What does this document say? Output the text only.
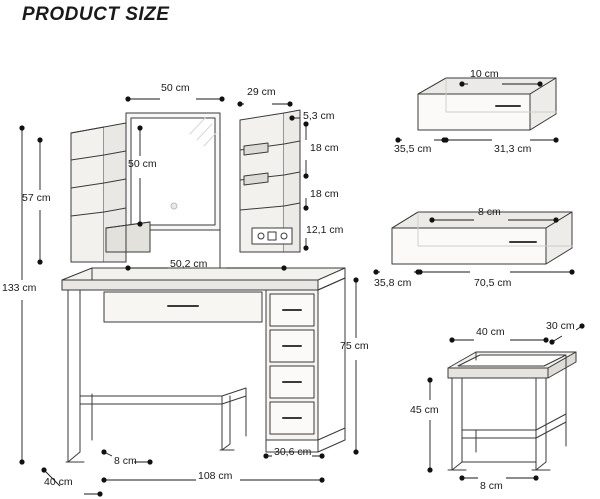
PRODUCT SIZE
50 cm	29 cm
5,3 cm
18 cm
18 cm
12,1 cm
50 cm
57 cm
133 cm
50,2 cm
75 cm
8 cm
30,6 cm
108 cm
40 cm
10 cm
35,5 cm	31,3 cm
8 cm
35,8 cm	70,5 cm
40 cm	30 cm
45 cm
8 cm
